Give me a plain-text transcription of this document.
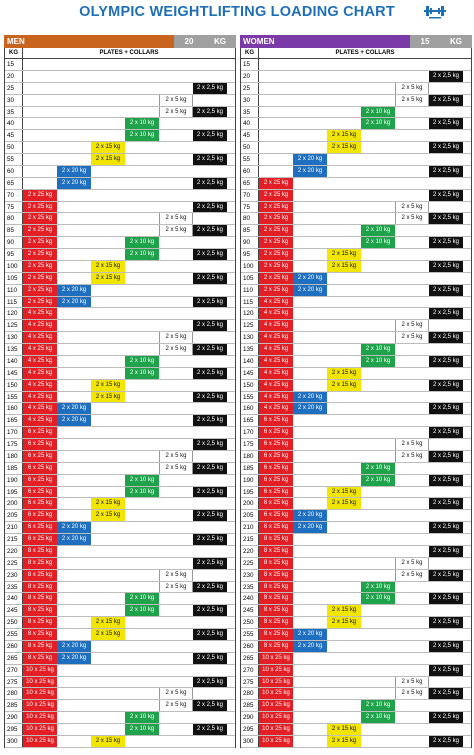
OLYMPIC WEIGHTLIFTING LOADING CHART
MEN	20	KG
KG	PLATES + COLLARS
15
20
25	2 x 2,5 kg
30	2 x 5 kg
35	2 x 5 kg	2 x 2,5 kg
40	2 x 10 kg
45	2 x 10 kg	2 x 2,5 kg
50	2 x 15 kg
55	2 x 15 kg	2 x 2,5 kg
60	2 x 20 kg
65	2 x 20 kg	2 x 2,5 kg
70	2 x 25 kg
75	2 x 25 kg	2 x 2,5 kg
80	2 x 25 kg	2 x 5 kg
85	2 x 25 kg	2 x 5 kg	2 x 2,5 kg
90	2 x 25 kg	2 x 10 kg
95	2 x 25 kg	2 x 10 kg	2 x 2,5 kg
100	2 x 25 kg	2 x 15 kg
105	2 x 25 kg	2 x 15 kg	2 x 2,5 kg
110	2 x 25 kg	2 x 20 kg
115	2 x 25 kg	2 x 20 kg	2 x 2,5 kg
120	4 x 25 kg
125	4 x 25 kg	2 x 2,5 kg
130	4 x 25 kg	2 x 5 kg
135	4 x 25 kg	2 x 5 kg	2 x 2,5 kg
140	4 x 25 kg	2 x 10 kg
145	4 x 25 kg	2 x 10 kg	2 x 2,5 kg
150	4 x 25 kg	2 x 15 kg
155	4 x 25 kg	2 x 15 kg	2 x 2,5 kg
160	4 x 25 kg	2 x 20 kg
165	4 x 25 kg	2 x 20 kg	2 x 2,5 kg
170	6 x 25 kg
175	6 x 25 kg	2 x 2,5 kg
180	6 x 25 kg	2 x 5 kg
185	6 x 25 kg	2 x 5 kg	2 x 2,5 kg
190	6 x 25 kg	2 x 10 kg
195	6 x 25 kg	2 x 10 kg	2 x 2,5 kg
200	6 x 25 kg	2 x 15 kg
205	6 x 25 kg	2 x 15 kg	2 x 2,5 kg
210	6 x 25 kg	2 x 20 kg
215	6 x 25 kg	2 x 20 kg	2 x 2,5 kg
220	8 x 25 kg
225	8 x 25 kg	2 x 2,5 kg
230	8 x 25 kg	2 x 5 kg
235	8 x 25 kg	2 x 5 kg	2 x 2,5 kg
240	8 x 25 kg	2 x 10 kg
245	8 x 25 kg	2 x 10 kg	2 x 2,5 kg
250	8 x 25 kg	2 x 15 kg
255	8 x 25 kg	2 x 15 kg	2 x 2,5 kg
260	8 x 25 kg	2 x 20 kg
265	8 x 25 kg	2 x 20 kg	2 x 2,5 kg
270	10 x 25 kg
275	10 x 25 kg	2 x 2,5 kg
280	10 x 25 kg	2 x 5 kg
285	10 x 25 kg	2 x 5 kg	2 x 2,5 kg
290	10 x 25 kg	2 x 10 kg
295	10 x 25 kg	2 x 10 kg	2 x 2,5 kg
300	10 x 25 kg	2 x 15 kg
WOMEN	15	KG
KG	PLATES + COLLARS
15
20	2 x 2,5 kg
25	2 x 5 kg
30	2 x 5 kg	2 x 2,5 kg
35	2 x 10 kg
40	2 x 10 kg	2 x 2,5 kg
45	2 x 15 kg
50	2 x 15 kg	2 x 2,5 kg
55	2 x 20 kg
60	2 x 20 kg	2 x 2,5 kg
65	2 x 25 kg
70	2 x 25 kg	2 x 2,5 kg
75	2 x 25 kg	2 x 5 kg
80	2 x 25 kg	2 x 5 kg	2 x 2,5 kg
85	2 x 25 kg	2 x 10 kg
90	2 x 25 kg	2 x 10 kg	2 x 2,5 kg
95	2 x 25 kg	2 x 15 kg
100	2 x 25 kg	2 x 15 kg	2 x 2,5 kg
105	2 x 25 kg	2 x 20 kg
110	2 x 25 kg	2 x 20 kg	2 x 2,5 kg
115	4 x 25 kg
120	4 x 25 kg	2 x 2,5 kg
125	4 x 25 kg	2 x 5 kg
130	4 x 25 kg	2 x 5 kg	2 x 2,5 kg
135	4 x 25 kg	2 x 10 kg
140	4 x 25 kg	2 x 10 kg	2 x 2,5 kg
145	4 x 25 kg	2 x 15 kg
150	4 x 25 kg	2 x 15 kg	2 x 2,5 kg
155	4 x 25 kg	2 x 20 kg
160	4 x 25 kg	2 x 20 kg	2 x 2,5 kg
165	6 x 25 kg
170	6 x 25 kg	2 x 2,5 kg
175	6 x 25 kg	2 x 5 kg
180	6 x 25 kg	2 x 5 kg	2 x 2,5 kg
185	6 x 25 kg	2 x 10 kg
190	6 x 25 kg	2 x 10 kg	2 x 2,5 kg
195	6 x 25 kg	2 x 15 kg
200	6 x 25 kg	2 x 15 kg	2 x 2,5 kg
205	6 x 25 kg	2 x 20 kg
210	6 x 25 kg	2 x 20 kg	2 x 2,5 kg
215	8 x 25 kg
220	8 x 25 kg	2 x 2,5 kg
225	8 x 25 kg	2 x 5 kg
230	8 x 25 kg	2 x 5 kg	2 x 2,5 kg
235	8 x 25 kg	2 x 10 kg
240	8 x 25 kg	2 x 10 kg	2 x 2,5 kg
245	8 x 25 kg	2 x 15 kg
250	8 x 25 kg	2 x 15 kg	2 x 2,5 kg
255	8 x 25 kg	2 x 20 kg
260	8 x 25 kg	2 x 20 kg	2 x 2,5 kg
265	10 x 25 kg
270	10 x 25 kg	2 x 2,5 kg
275	10 x 25 kg	2 x 5 kg
280	10 x 25 kg	2 x 5 kg	2 x 2,5 kg
285	10 x 25 kg	2 x 10 kg
290	10 x 25 kg	2 x 10 kg	2 x 2,5 kg
295	10 x 25 kg	2 x 15 kg
300	10 x 25 kg	2 x 15 kg	2 x 2,5 kg
